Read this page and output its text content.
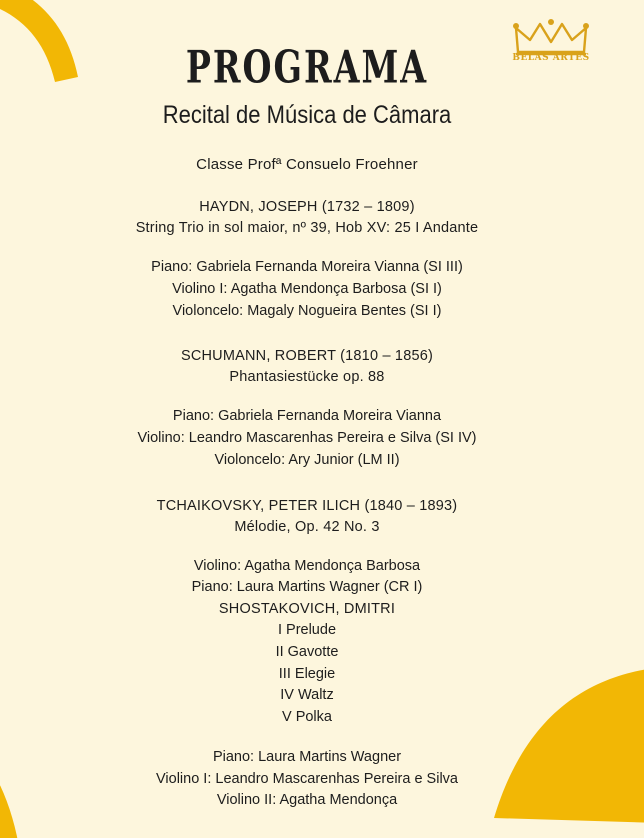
BELAS ARTES
PROGRAMA
Recital de Música de Câmara
Classe Profª Consuelo Froehner
HAYDN, JOSEPH (1732 – 1809)
String Trio in sol maior, nº 39, Hob XV: 25 I Andante
Piano: Gabriela Fernanda Moreira Vianna (SI III)
Violino I: Agatha Mendonça Barbosa (SI I)
Violoncelo: Magaly Nogueira Bentes (SI I)
SCHUMANN, ROBERT (1810 – 1856)
Phantasiestücke op. 88
Piano: Gabriela Fernanda Moreira Vianna
Violino: Leandro Mascarenhas Pereira e Silva (SI IV)
Violoncelo: Ary Junior (LM II)
TCHAIKOVSKY, PETER ILICH (1840 – 1893)
Mélodie, Op. 42 No. 3
Violino: Agatha Mendonça Barbosa
Piano: Laura Martins Wagner (CR I)
SHOSTAKOVICH, DMITRI
I Prelude
II Gavotte
III Elegie
IV Waltz
V Polka
Piano: Laura Martins Wagner
Violino I: Leandro Mascarenhas Pereira e Silva
Violino II: Agatha Mendonça
